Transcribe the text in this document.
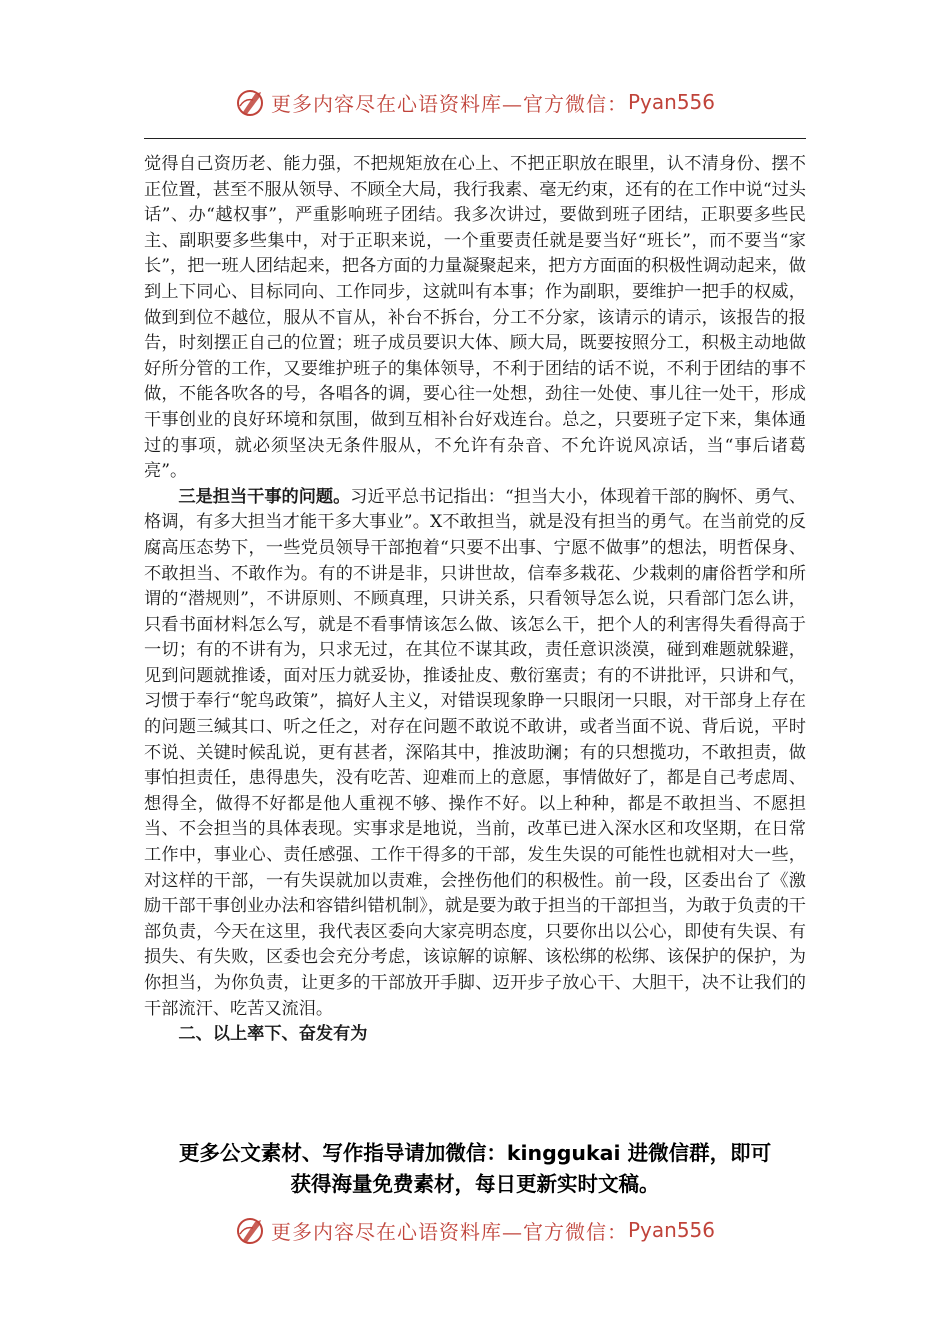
更多内容尽在心语资料库—官方微信： Pyan556

觉得自己资历老、能力强，不把规矩放在心上、不把正职放在眼里，认不清身份、摆不正位置，甚至不服从领导、不顾全大局，我行我素、毫无约束，还有的在工作中说“过头话”、办“越权事”，严重影响班子团结。我多次讲过，要做到班子团结，正职要多些民主、副职要多些集中，对于正职来说，一个重要责任就是要当好“班长”，而不要当“家长”，把一班人团结起来，把各方面的力量凝聚起来，把方方面面的积极性调动起来，做到上下同心、目标同向、工作同步，这就叫有本事；作为副职，要维护一把手的权威，做到到位不越位，服从不盲从，补台不拆台，分工不分家，该请示的请示，该报告的报告，时刻摆正自己的位置；班子成员要识大体、顾大局，既要按照分工，积极主动地做好所分管的工作，又要维护班子的集体领导，不利于团结的话不说，不利于团结的事不做，不能各吹各的号，各唱各的调，要心往一处想，劲往一处使、事儿往一处干，形成干事创业的良好环境和氛围，做到互相补台好戏连台。总之，只要班子定下来，集体通过的事项，就必须坚决无条件服从，不允许有杂音、不允许说风凉话，当“事后诸葛亮”。

三是担当干事的问题。习近平总书记指出：“担当大小，体现着干部的胸怀、勇气、格调，有多大担当才能干多大事业”。X不敢担当，就是没有担当的勇气。在当前党的反腐高压态势下，一些党员领导干部抱着“只要不出事、宁愿不做事”的想法，明哲保身、不敢担当、不敢作为。有的不讲是非，只讲世故，信奉多栽花、少栽刺的庸俗哲学和所谓的“潜规则”，不讲原则、不顾真理，只讲关系，只看领导怎么说，只看部门怎么讲，只看书面材料怎么写，就是不看事情该怎么做、该怎么干，把个人的利害得失看得高于一切；有的不讲有为，只求无过，在其位不谋其政，责任意识淡漠，碰到难题就躲避，见到问题就推诿，面对压力就妥协，推诿扯皮、敷衍塞责；有的不讲批评，只讲和气，习惯于奉行“鸵鸟政策”，搞好人主义，对错误现象睁一只眼闭一只眼，对干部身上存在的问题三缄其口、听之任之，对存在问题不敢说不敢讲，或者当面不说、背后说，平时不说、关键时候乱说，更有甚者，深陷其中，推波助澜；有的只想揽功，不敢担责，做事怕担责任，患得患失，没有吃苦、迎难而上的意愿，事情做好了，都是自己考虑周、想得全，做得不好都是他人重视不够、操作不好。以上种种，都是不敢担当、不愿担当、不会担当的具体表现。实事求是地说，当前，改革已进入深水区和攻坚期，在日常工作中，事业心、责任感强、工作干得多的干部，发生失误的可能性也就相对大一些，对这样的干部，一有失误就加以责难，会挫伤他们的积极性。前一段，区委出台了《激励干部干事创业办法和容错纠错机制》，就是要为敢于担当的干部担当，为敢于负责的干部负责，今天在这里，我代表区委向大家亮明态度，只要你出以公心，即使有失误、有损失、有失败，区委也会充分考虑，该谅解的谅解、该松绑的松绑、该保护的保护，为你担当，为你负责，让更多的干部放开手脚、迈开步子放心干、大胆干，决不让我们的干部流汗、吃苦又流泪。

二、以上率下、奋发有为

更多公文素材、写作指导请加微信：kinggukai 进微信群，即可
获得海量免费素材，每日更新实时文稿。
更多内容尽在心语资料库—官方微信： Pyan556
